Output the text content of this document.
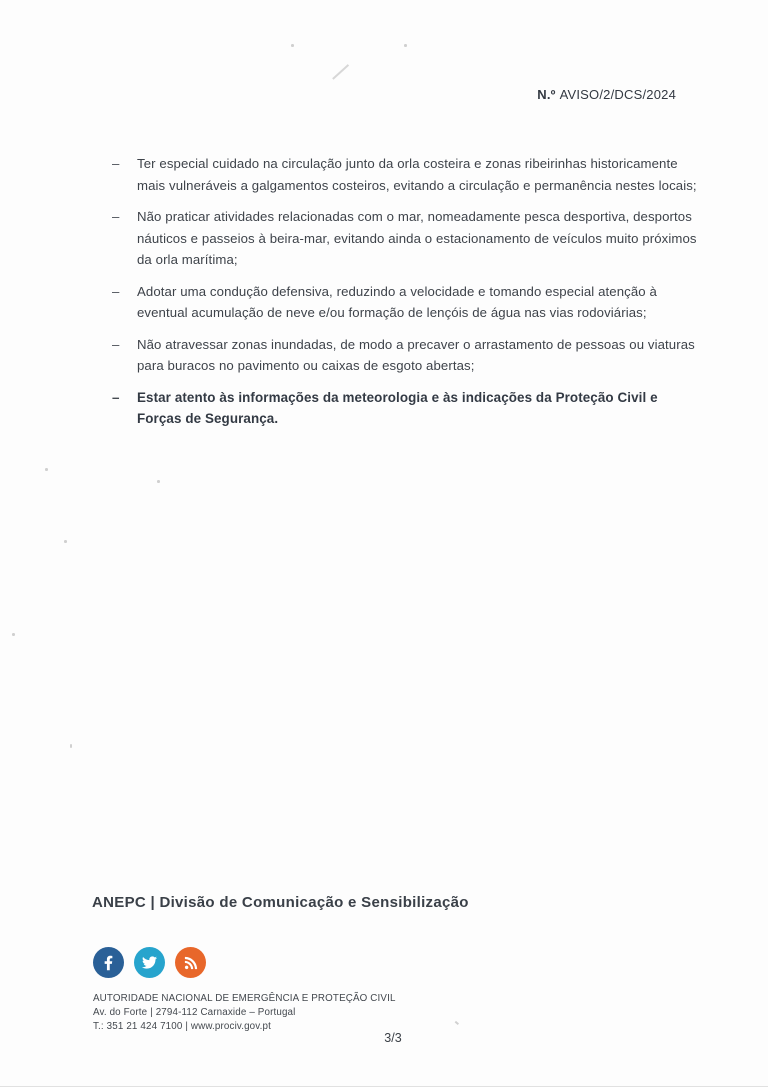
N.º AVISO/2/DCS/2024
–	Ter especial cuidado na circulação junto da orla costeira e zonas ribeirinhas historicamente mais vulneráveis a galgamentos costeiros, evitando a circulação e permanência nestes locais;

–	Não praticar atividades relacionadas com o mar, nomeadamente pesca desportiva, desportos náuticos e passeios à beira-mar, evitando ainda o estacionamento de veículos muito próximos da orla marítima;

–	Adotar uma condução defensiva, reduzindo a velocidade e tomando especial atenção à eventual acumulação de neve e/ou formação de lençóis de água nas vias rodoviárias;

–	Não atravessar zonas inundadas, de modo a precaver o arrastamento de pessoas ou viaturas para buracos no pavimento ou caixas de esgoto abertas;

–	Estar atento às informações da meteorologia e às indicações da Proteção Civil e Forças de Segurança.

ANEPC | Divisão de Comunicação e Sensibilização
AUTORIDADE NACIONAL DE EMERGÊNCIA E PROTEÇÃO CIVIL
Av. do Forte | 2794-112 Carnaxide – Portugal
T.: 351 21 424 7100 | www.prociv.gov.pt
3/3
